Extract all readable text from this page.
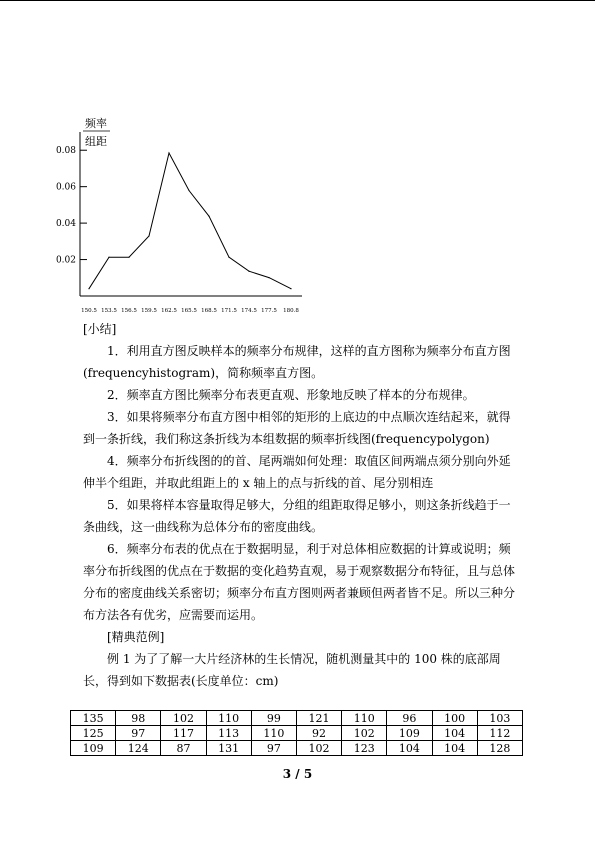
0.08
0.06
0.04
0.02
150.5 153.5 156.5 159.5 162.5 165.5 168.5 171.5 174.5 177.5 180.8
频率
组距

[小结]

1．利用直方图反映样本的频率分布规律，这样的直方图称为频率分布直方图(frequencyhistogram)，简称频率直方图。

2．频率直方图比频率分布表更直观、形象地反映了样本的分布规律。

3．如果将频率分布直方图中相邻的矩形的上底边的中点顺次连结起来，就得到一条折线，我们称这条折线为本组数据的频率折线图(frequencypolygon)

4．频率分布折线图的的首、尾两端如何处理：取值区间两端点须分别向外延伸半个组距，并取此组距上的 x 轴上的点与折线的首、尾分别相连

5．如果将样本容量取得足够大，分组的组距取得足够小，则这条折线趋于一条曲线，这一曲线称为总体分布的密度曲线。

6．频率分布表的优点在于数据明显，利于对总体相应数据的计算或说明；频率分布折线图的优点在于数据的变化趋势直观，易于观察数据分布特征，且与总体分布的密度曲线关系密切；频率分布直方图则两者兼顾但两者皆不足。所以三种分布方法各有优劣，应需要而运用。

[精典范例]

例 1 为了了解一大片经济林的生长情况，随机测量其中的 100 株的底部周长，得到如下数据表(长度单位：cm)

135	98	102	110	99	121	110	96	100	103
125	97	117	113	110	92	102	109	104	112
109	124	87	131	97	102	123	104	104	128
3 / 5
